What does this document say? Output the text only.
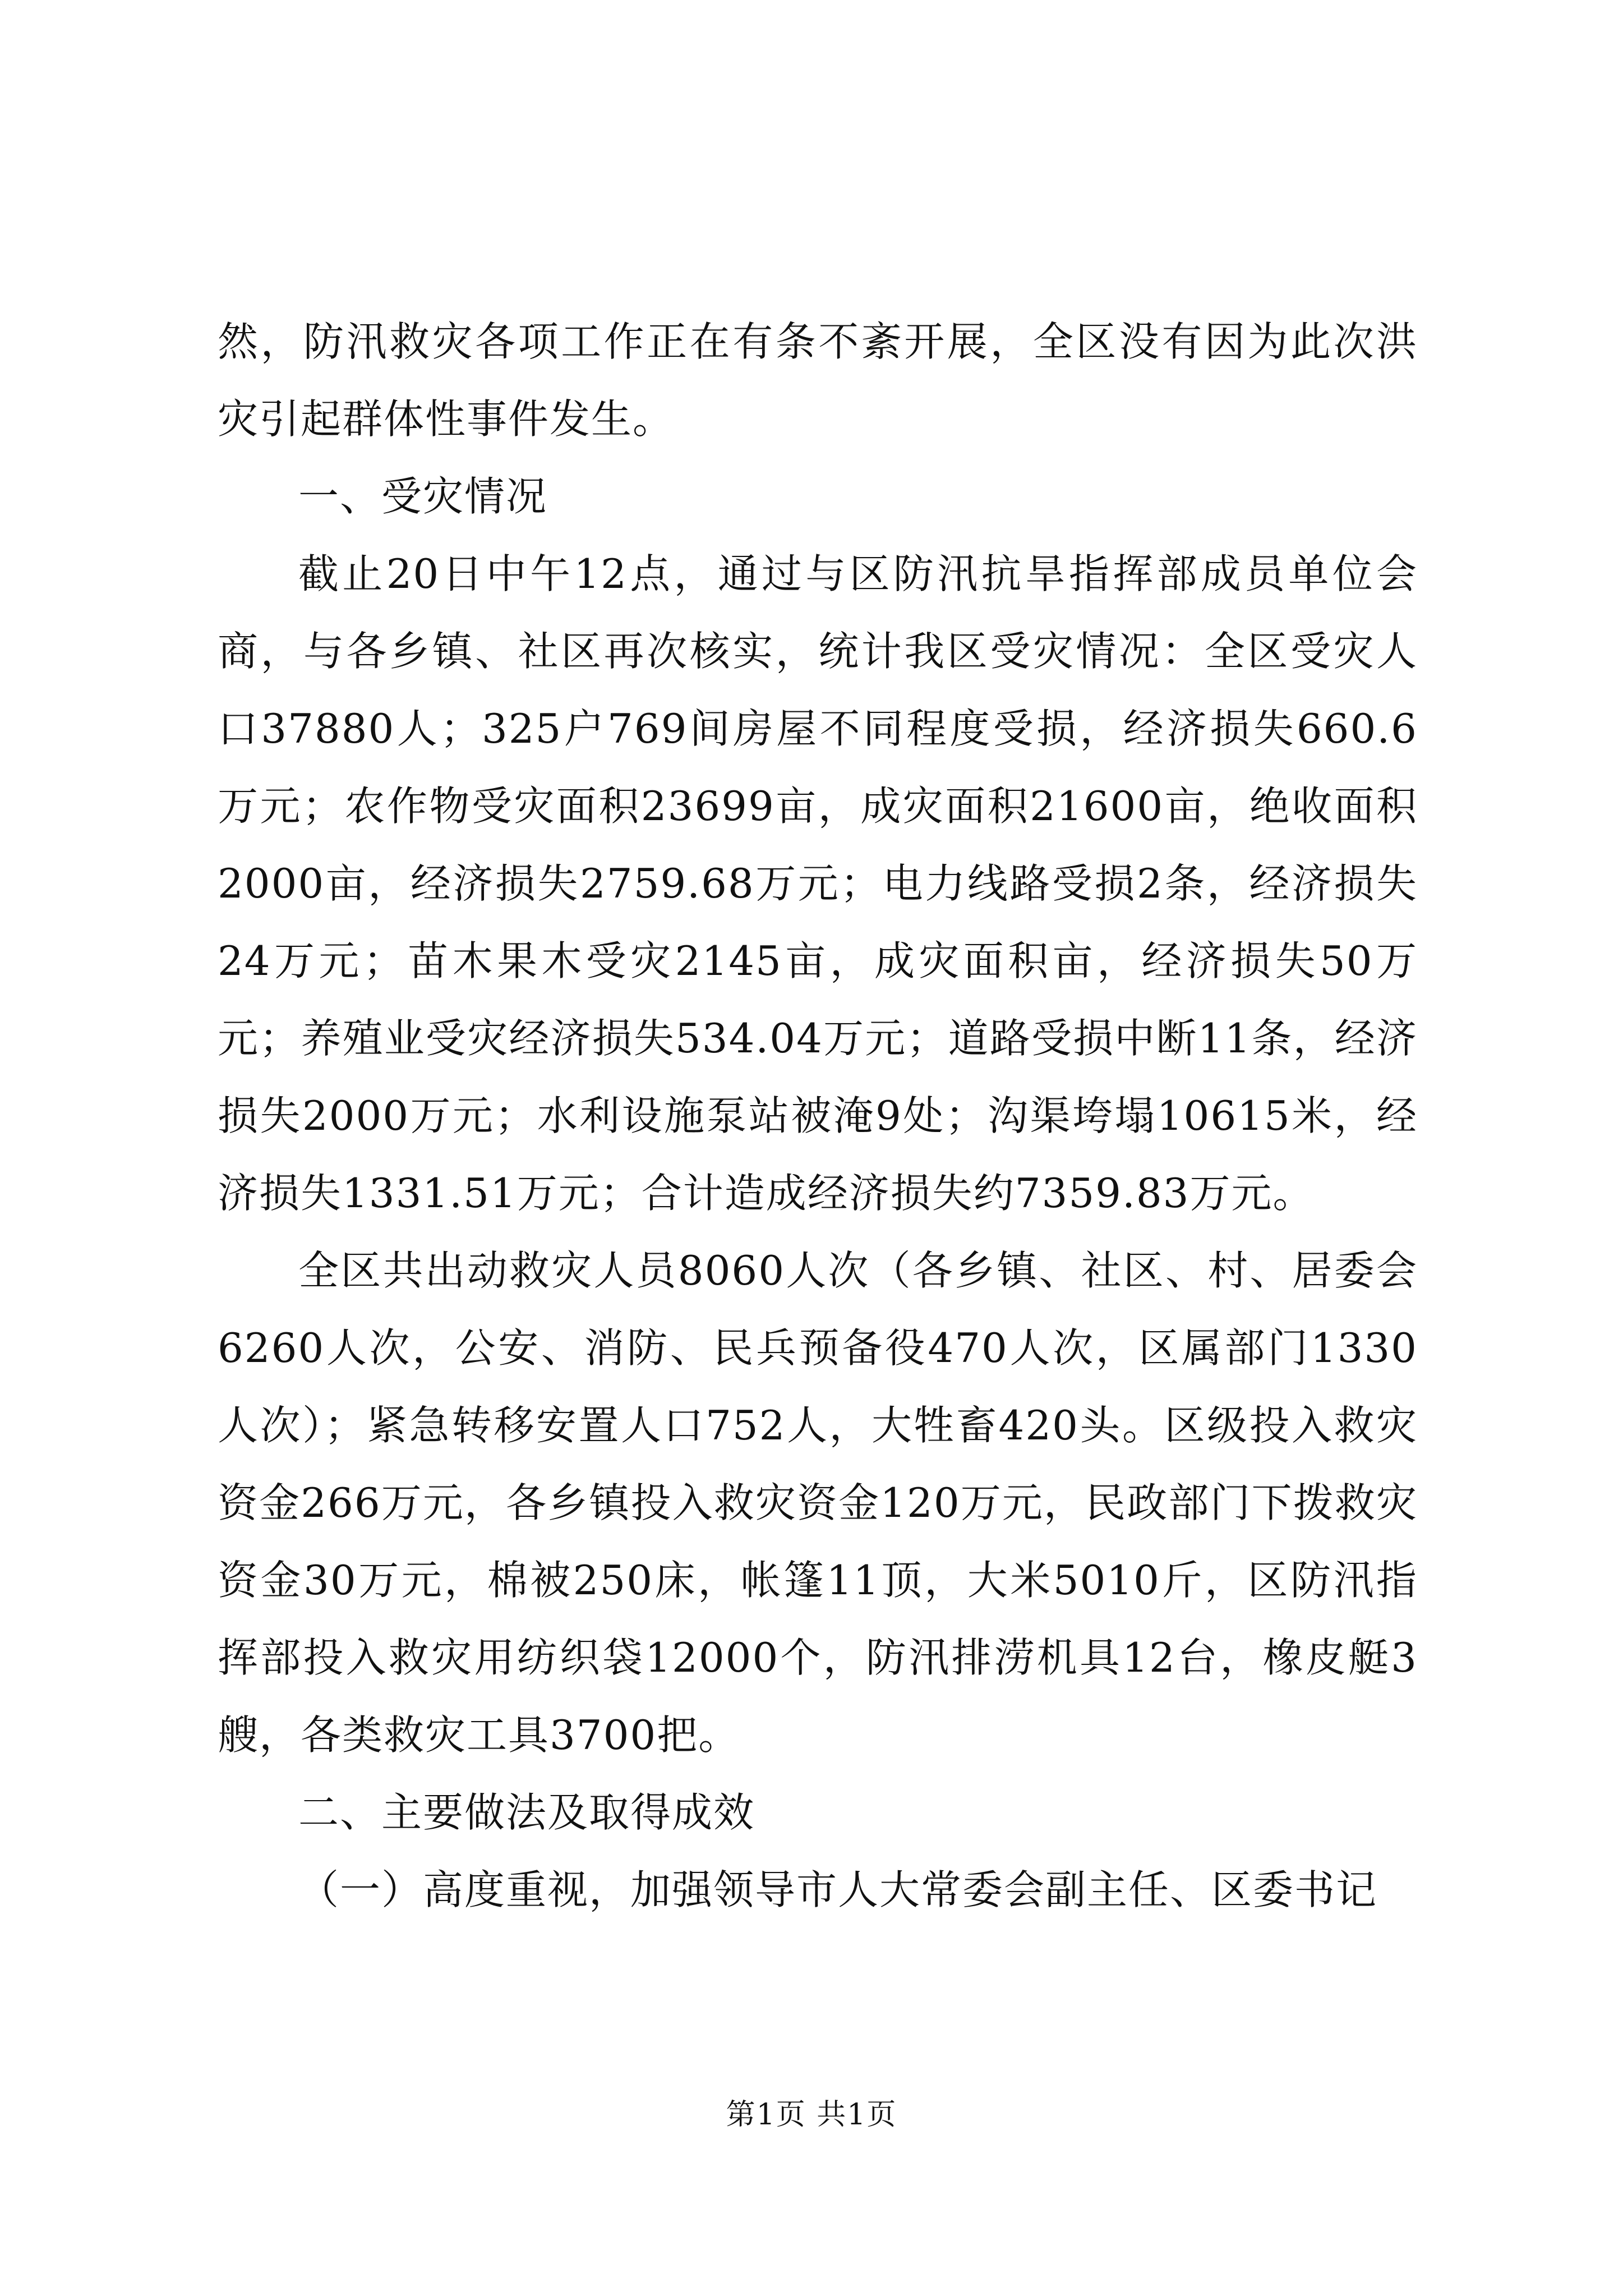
然，防汛救灾各项工作正在有条不紊开展，全区没有因为此次洪灾引起群体性事件发生。

一、受灾情况

截止20日中午12点，通过与区防汛抗旱指挥部成员单位会商，与各乡镇、社区再次核实，统计我区受灾情况：全区受灾人口37880人；325户769间房屋不同程度受损，经济损失660.6万元；农作物受灾面积23699亩，成灾面积21600亩，绝收面积2000亩，经济损失2759.68万元；电力线路受损2条，经济损失24万元；苗木果木受灾2145亩，成灾面积亩，经济损失50万元；养殖业受灾经济损失534.04万元；道路受损中断11条，经济损失2000万元；水利设施泵站被淹9处；沟渠垮塌10615米，经济损失1331.51万元；合计造成经济损失约7359.83万元。

全区共出动救灾人员8060人次（各乡镇、社区、村、居委会6260人次，公安、消防、民兵预备役470人次，区属部门1330人次）；紧急转移安置人口752人，大牲畜420头。区级投入救灾资金266万元，各乡镇投入救灾资金120万元，民政部门下拨救灾资金30万元，棉被250床，帐篷11顶，大米5010斤，区防汛指挥部投入救灾用纺织袋12000个，防汛排涝机具12台，橡皮艇3艘，各类救灾工具3700把。

二、主要做法及取得成效

（一）高度重视，加强领导市人大常委会副主任、区委书记

第1页 共1页
